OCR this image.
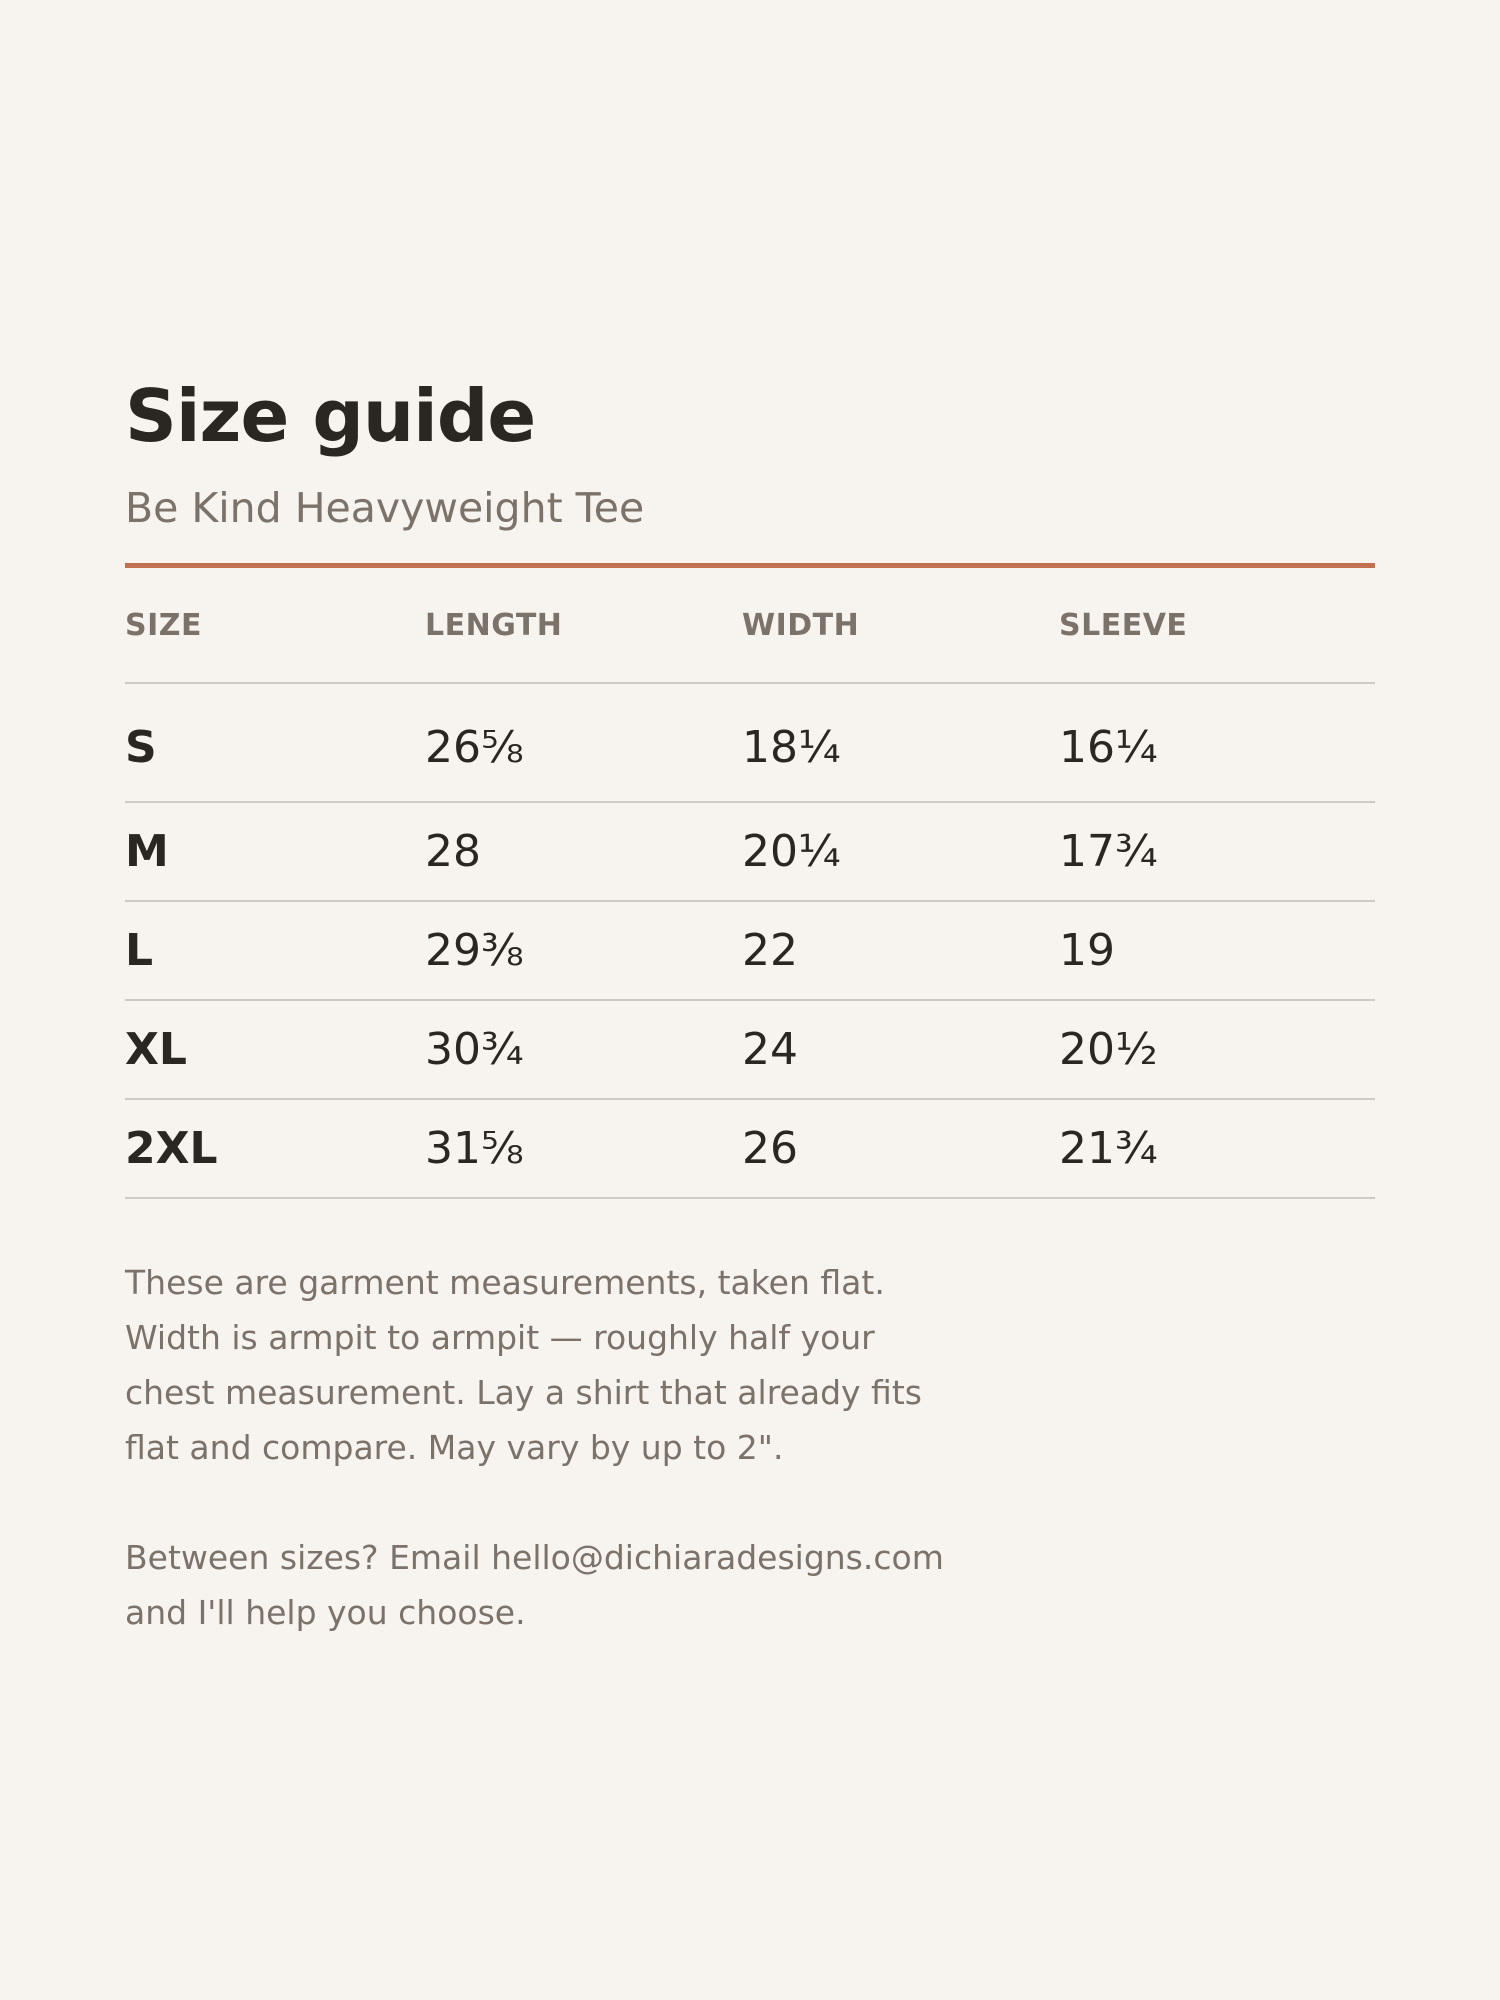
Size guide
Be Kind Heavyweight Tee
SIZE	LENGTH	WIDTH	SLEEVE
S	26⅝	18¼	16¼
M	28	20¼	17¾
L	29⅜	22	19
XL	30¾	24	20½
2XL	31⅝	26	21¾

These are garment measurements, taken flat. Width is armpit to armpit — roughly half your chest measurement. Lay a shirt that already fits flat and compare. May vary by up to 2".

Between sizes? Email hello@dichiaradesigns.com and I'll help you choose.
